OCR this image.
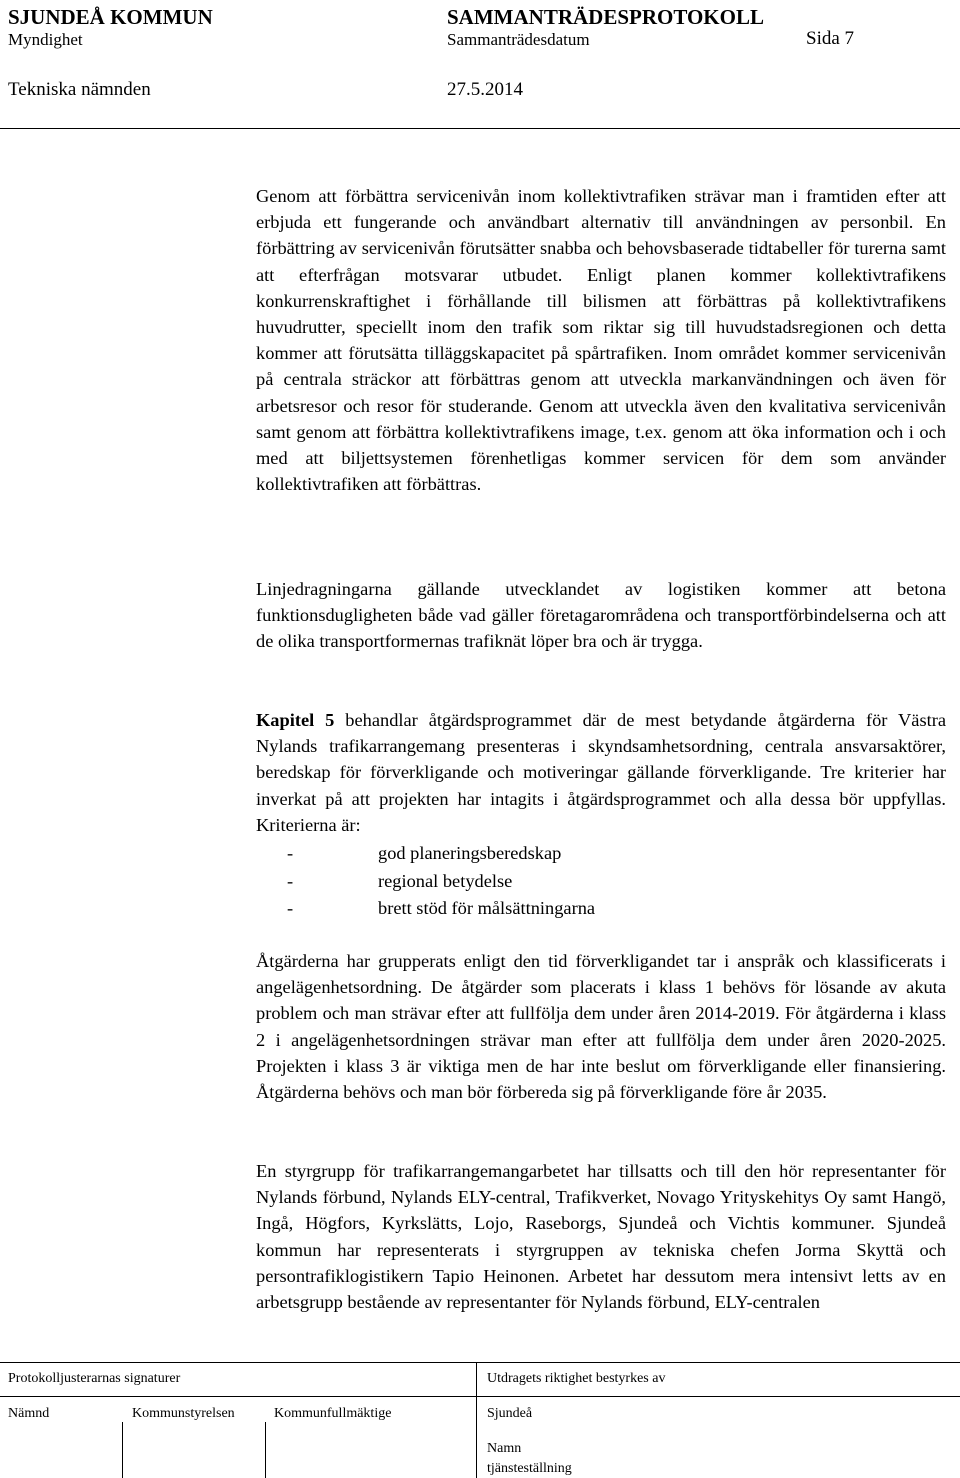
SJUNDEÅ KOMMUN	SAMMANTRÄDESPROTOKOLL
Myndighet	Sammanträdesdatum	Sida 7
Tekniska nämnden	27.5.2014

Genom att förbättra servicenivån inom kollektivtrafiken strävar man i framtiden efter att erbjuda ett fungerande och användbart alternativ till användningen av personbil. En förbättring av servicenivån förutsätter snabba och behovsbaserade tidtabeller för turerna samt att efterfrågan motsvarar utbudet. Enligt planen kommer kollektivtrafikens konkurrenskraftighet i förhållande till bilismen att förbättras på kollektivtrafikens huvudrutter, speciellt inom den trafik som riktar sig till huvudstadsregionen och detta kommer att förutsätta tilläggskapacitet på spårtrafiken. Inom området kommer servicenivån på centrala sträckor att förbättras genom att utveckla markanvändningen och även för arbetsresor och resor för studerande. Genom att utveckla även den kvalitativa servicenivån samt genom att förbättra kollektivtrafikens image, t.ex. genom att öka information och i och med att biljettsystemen förenhetligas kommer servicen för dem som använder kollektivtrafiken att förbättras.

Linjedragningarna gällande utvecklandet av logistiken kommer att betona funktionsdugligheten både vad gäller företagarområdena och transportförbindelserna och att de olika transportformernas trafiknät löper bra och är trygga.

Kapitel 5 behandlar åtgärdsprogrammet där de mest betydande åtgärderna för Västra Nylands trafikarrangemang presenteras i skyndsamhetsordning, centrala ansvarsaktörer, beredskap för förverkligande och motiveringar gällande förverkligande. Tre kriterier har inverkat på att projekten har intagits i åtgärdsprogrammet och alla dessa bör uppfyllas. Kriterierna är:

-	god planeringsberedskap
-	regional betydelse
-	brett stöd för målsättningarna

Åtgärderna har grupperats enligt den tid förverkligandet tar i anspråk och klassificerats i angelägenhetsordning. De åtgärder som placerats i klass 1 behövs för lösande av akuta problem och man strävar efter att fullfölja dem under åren 2014-2019. För åtgärderna i klass 2 i angelägenhetsordningen strävar man efter att fullfölja dem under åren 2020-2025. Projekten i klass 3 är viktiga men de har inte beslut om förverkligande eller finansiering. Åtgärderna behövs och man bör förbereda sig på förverkligande före år 2035.

En styrgrupp för trafikarrangemangarbetet har tillsatts och till den hör representanter för Nylands förbund, Nylands ELY-central, Trafikverket, Novago Yrityskehitys Oy samt Hangö, Ingå, Högfors, Kyrkslätts, Lojo, Raseborgs, Sjundeå och Vichtis kommuner. Sjundeå kommun har representerats i styrgruppen av tekniska chefen Jorma Skyttä och persontrafiklogistikern Tapio Heinonen. Arbetet har dessutom mera intensivt letts av en arbetsgrupp bestående av representanter för Nylands förbund, ELY-centralen

Protokolljusterarnas signaturer	Utdragets riktighet bestyrkes av
Nämnd	Kommunstyrelsen	Kommunfullmäktige	Sjundeå
Namn
tjänsteställning
